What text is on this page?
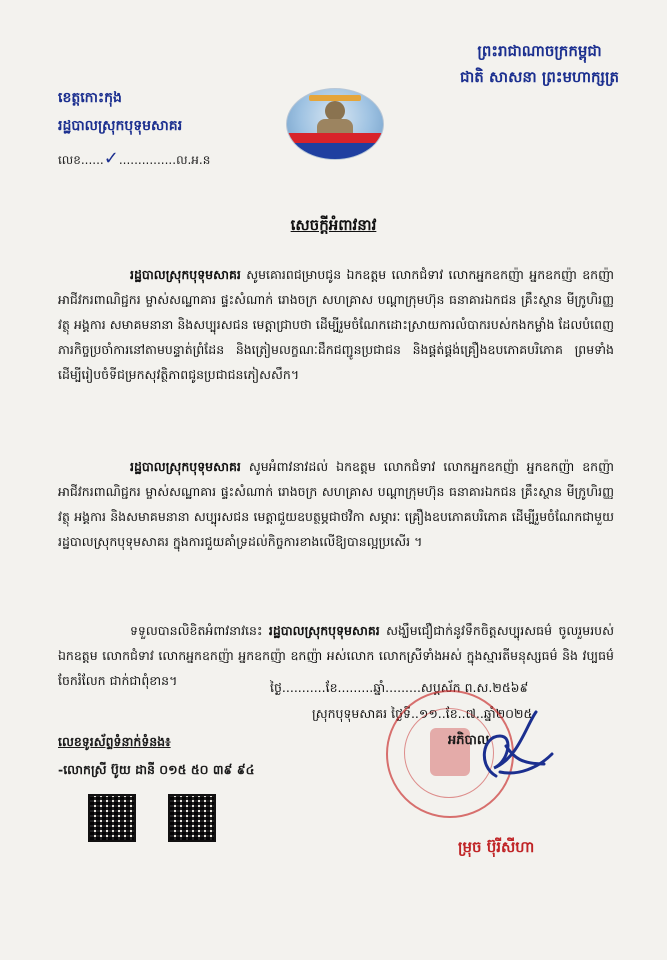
ព្រះរាជាណាចក្រកម្ពុជា
ជាតិ សាសនា ព្រះមហាក្សត្រ
ខេត្តកោះកុង
រដ្ឋបាលស្រុកបុទុមសាគរ
លេខ......✓...............ល.អ.ន
សេចក្តីអំពាវនាវ
រដ្ឋបាលស្រុកបុទុមសាគរ សូមគោរពជម្រាបជូន ឯកឧត្តម លោកជំទាវ លោកអ្នកឧកញ៉ា អ្នកឧកញ៉ា ឧកញ៉ា អាជីវករពាណិជ្ជករ ម្ចាស់សណ្ឋាគារ ផ្ទះសំណាក់ រោងចក្រ សហគ្រាស បណ្តាក្រុមហ៊ុន ធនាគារឯកជន គ្រឹះស្ថាន មីក្រូហិរញ្ញវត្ថុ អង្គការ សមាគមនានា និងសប្បុរសជន មេត្តាជ្រាបថា ដើម្បីរួមចំណែកដោះស្រាយការលំបាករបស់កងកម្លាំង ដែលបំពេញភារកិច្ចប្រចាំការនៅតាមបន្ទាត់ព្រំដែន និងត្រៀមលក្ខណៈដឹកជញ្ជូនប្រជាជន និងផ្គត់ផ្គង់គ្រឿងឧបភោគបរិភោគ ព្រមទាំងដើម្បីរៀបចំទីជម្រកសុវត្ថិភាពជូនប្រជាជនភៀសសឹក។
រដ្ឋបាលស្រុកបុទុមសាគរ សូមអំពាវនាវដល់ ឯកឧត្តម លោកជំទាវ លោកអ្នកឧកញ៉ា អ្នកឧកញ៉ា ឧកញ៉ា អាជីវករពាណិជ្ជករ ម្ចាស់សណ្ឋាគារ ផ្ទះសំណាក់ រោងចក្រ សហគ្រាស បណ្តាក្រុមហ៊ុន ធនាគារឯកជន គ្រឹះស្ថាន មីក្រូហិរញ្ញវត្ថុ អង្គការ និងសមាគមនានា សប្បុរសជន មេត្តាជួយឧបត្ថម្ភជាថវិកា សម្ភារៈ គ្រឿងឧបភោគបរិភោគ ដើម្បីរួមចំណែកជាមួយ រដ្ឋបាលស្រុកបុទុមសាគរ ក្នុងការជួយគាំទ្រដល់កិច្ចការខាងលើឱ្យបានល្អប្រសើរ ។
ទទួលបានលិខិតអំពាវនាវនេះ រដ្ឋបាលស្រុកបុទុមសាគរ សង្ឃឹមជឿជាក់នូវទឹកចិត្តសប្បុរសធម៌ ចូលរួមរបស់ ឯកឧត្តម លោកជំទាវ លោកអ្នកឧកញ៉ា អ្នកឧកញ៉ា ឧកញ៉ា អស់លោក លោកស្រីទាំងអស់ ក្នុងស្មារតីមនុស្សធម៌ និង វប្បធម៌ចែករំលែក ជាក់ជាពុំខាន។	ថ្ងៃ...........ខែ.........ឆ្នាំ.........សប្តស័ក ព.ស.២៥៦៩
ស្រុកបុទុមសាគរ ថ្ងៃទី..១១..ខែ..៧..ឆ្នាំ២០២៥
អភិបាល
ម្រុច ប៊ុរីសីហា
លេខទូរស័ព្ទទំនាក់ទំនង៖
-លោកស្រី ប៊ូយ ដានី ០១៥ ៥០ ៣៩ ៩៤
